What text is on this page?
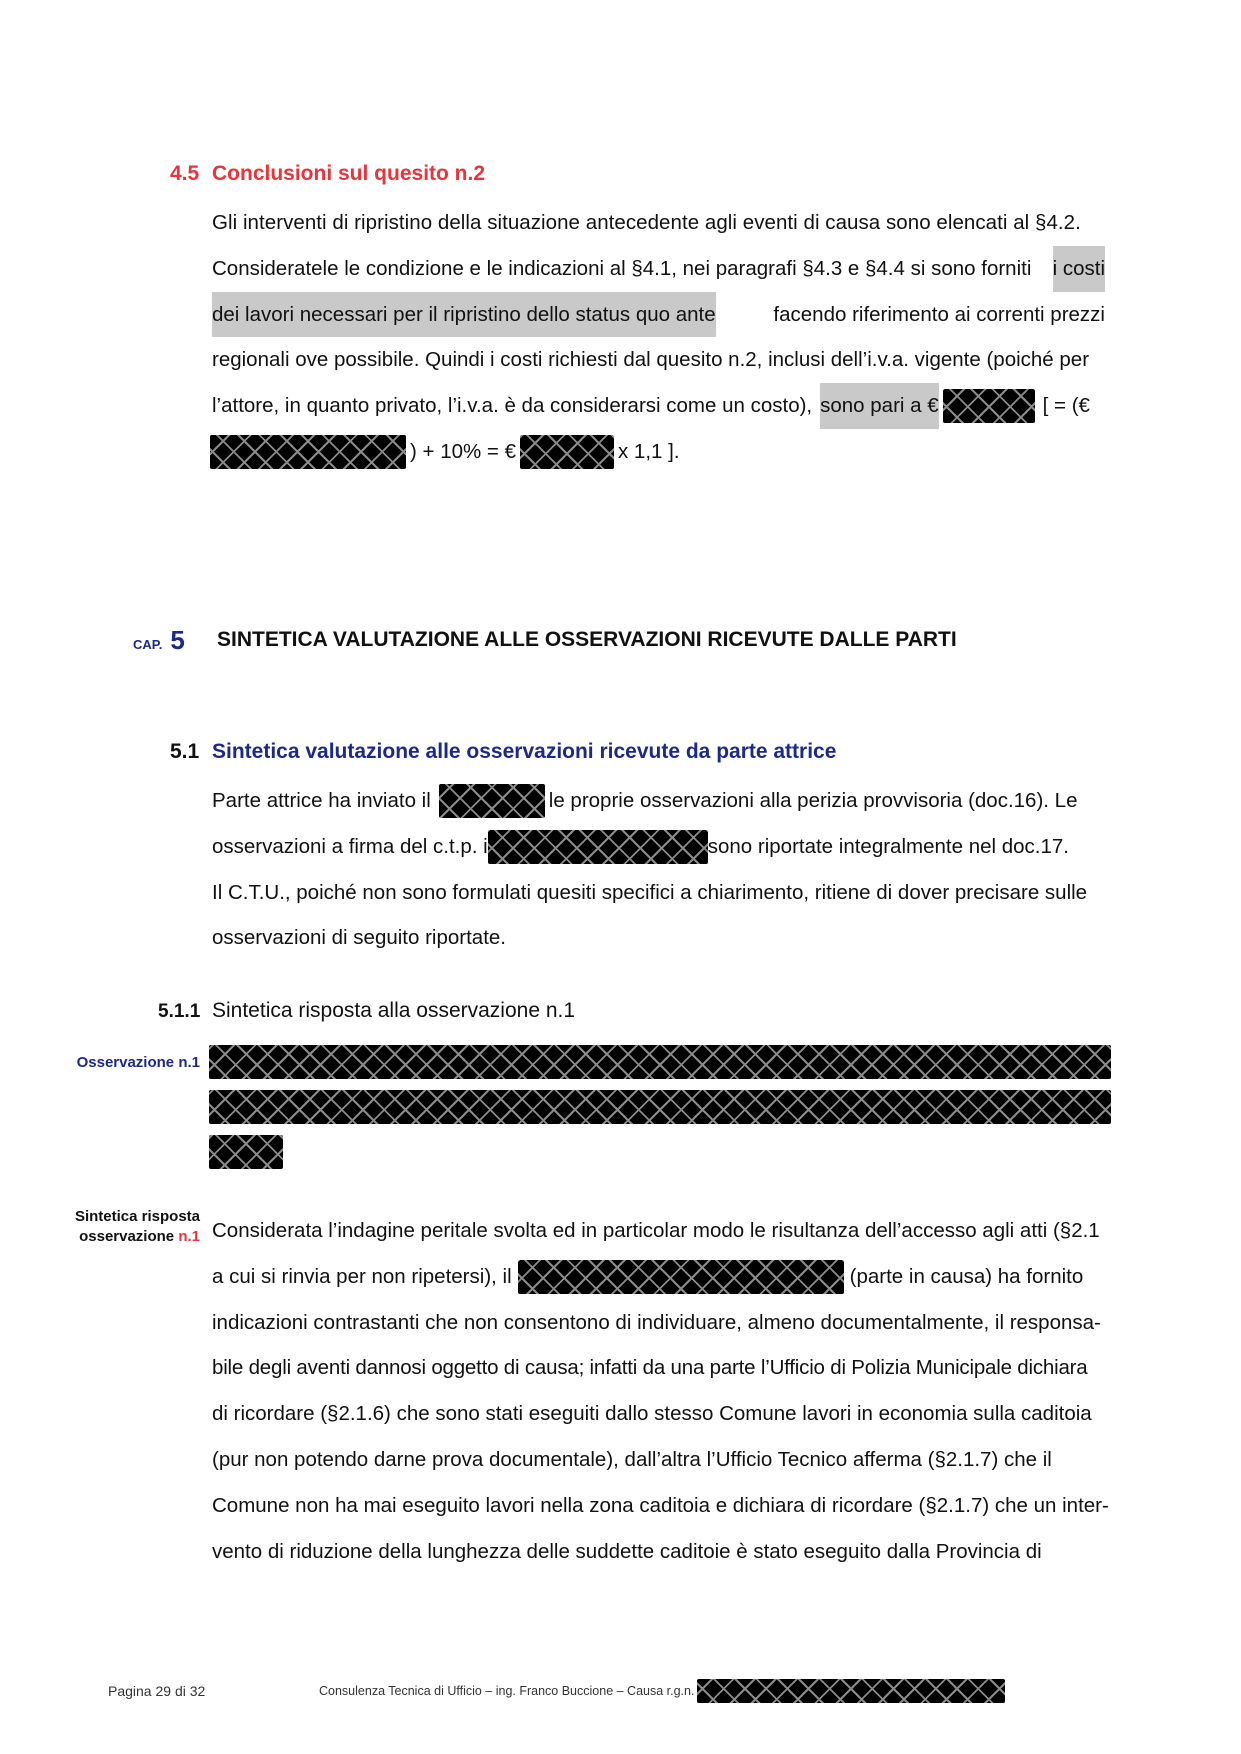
4.5 Conclusioni sul quesito n.2
Gli interventi di ripristino della situazione antecedente agli eventi di causa sono elencati al §4.2.
Consideratele le condizione e le indicazioni al §4.1, nei paragrafi §4.3 e §4.4 si sono forniti i costi
dei lavori necessari per il ripristino dello status quo ante	facendo riferimento ai correnti prezzi
regionali ove possibile. Quindi i costi richiesti dal quesito n.2, inclusi dell’i.v.a. vigente (poiché per
l’attore, in quanto privato, l’i.v.a. è da considerarsi come un costo), sono pari a €	[ = (€
) + 10% = €	x 1,1 ].
CAP. 5 SINTETICA VALUTAZIONE ALLE OSSERVAZIONI RICEVUTE DALLE PARTI
5.1 Sintetica valutazione alle osservazioni ricevute da parte attrice
Parte attrice ha inviato il	le proprie osservazioni alla perizia provvisoria (doc.16). Le
osservazioni a firma del c.t.p. i	sono riportate integralmente nel doc.17.
Il C.T.U., poiché non sono formulati quesiti specifici a chiarimento, ritiene di dover precisare sulle
osservazioni di seguito riportate.
5.1.1 Sintetica risposta alla osservazione n.1
Osservazione n.1
Sintetica risposta
osservazione n.1 Considerata l’indagine peritale svolta ed in particolar modo le risultanza dell’accesso agli atti (§2.1
a cui si rinvia per non ripetersi), il	(parte in causa) ha fornito
indicazioni contrastanti che non consentono di individuare, almeno documentalmente, il responsa-
bile degli aventi dannosi oggetto di causa; infatti da una parte l’Ufficio di Polizia Municipale dichiara
di ricordare (§2.1.6) che sono stati eseguiti dallo stesso Comune lavori in economia sulla caditoia
(pur non potendo darne prova documentale), dall’altra l’Ufficio Tecnico afferma (§2.1.7) che il
Comune non ha mai eseguito lavori nella zona caditoia e dichiara di ricordare (§2.1.7) che un inter-
vento di riduzione della lunghezza delle suddette caditoie è stato eseguito dalla Provincia di
Pagina 29 di 32	Consulenza Tecnica di Ufficio – ing. Franco Buccione – Causa r.g.n.
